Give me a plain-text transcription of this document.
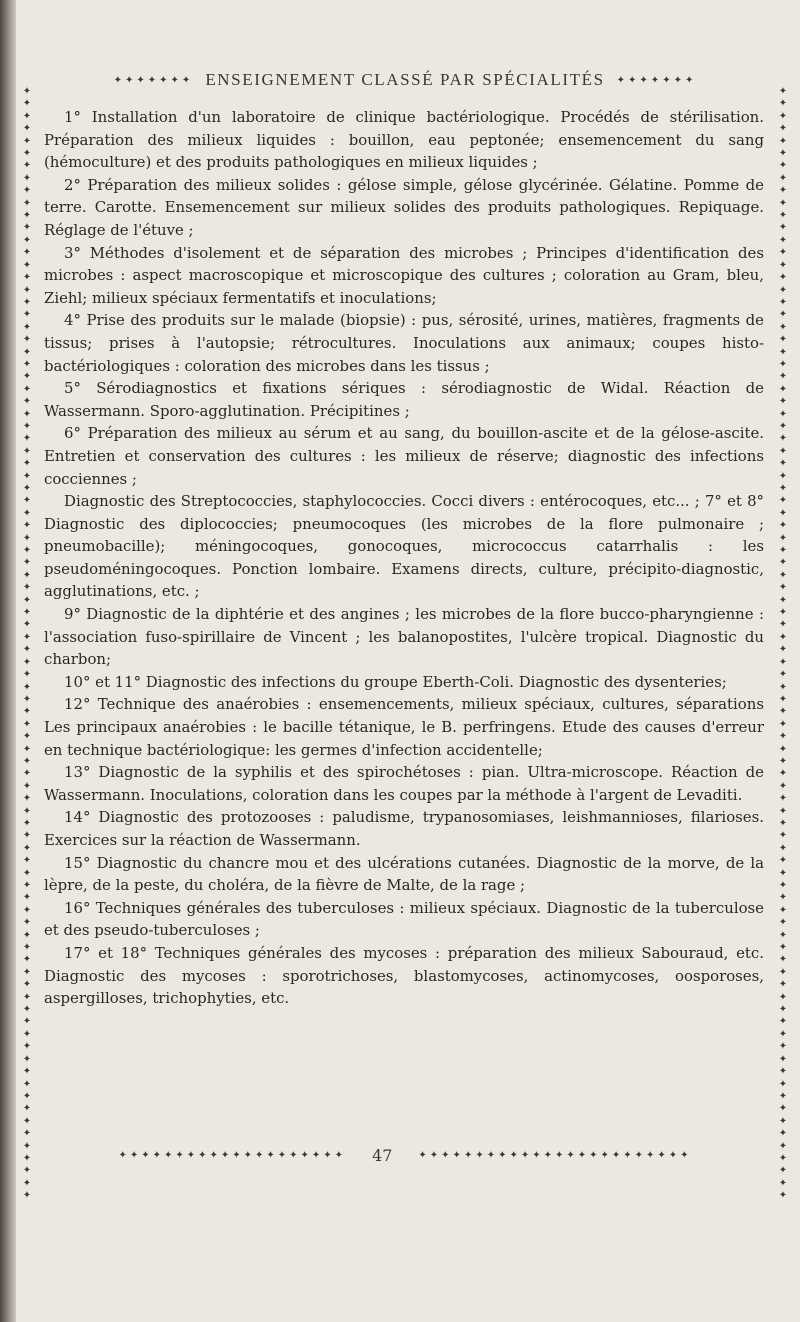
✦✦✦✦✦✦✦ ENSEIGNEMENT CLASSÉ PAR SPÉCIALITÉS ✦✦✦✦✦✦✦
✦
✦
✦
✦
✦
✦
✦
✦
✦
✦
✦
✦
✦
✦
✦
✦
✦
✦
✦
✦
✦
✦
✦
✦
✦
✦
✦
✦
✦
✦
✦
✦
✦
✦
✦
✦
✦
✦
✦
✦
✦
✦
✦
✦
✦
✦
✦
✦
✦
✦
✦
✦
✦
✦
✦
✦
✦
✦
✦
✦
✦
✦
✦
✦
✦
✦
✦
✦
✦
✦
✦
✦
✦
✦
✦
✦
✦
✦
✦
✦
✦
✦
✦
✦
✦
✦
✦
✦
✦
✦
✦
✦
✦
✦
✦
✦
✦
✦
✦
✦
✦
✦
✦
✦
✦
✦
✦
✦
✦
✦
✦
✦
✦
✦
✦
✦
✦
✦
✦
✦
✦
✦
✦
✦
✦
✦
✦
✦
✦
✦
✦
✦
✦
✦
✦
✦
✦
✦
✦
✦
✦
✦
✦
✦
✦
✦
✦
✦
✦
✦
✦
✦
✦
✦
✦
✦
✦
✦
✦
✦
✦
✦
✦
✦
✦
✦
✦
✦
✦
✦
✦
✦
✦
✦
✦
✦
✦
✦
✦
✦

1° Installation d'un laboratoire de clinique bactériologique. Procédés de stérilisation. Préparation des milieux liquides : bouillon, eau peptonée; ensemencement du sang (hémoculture) et des produits pathologiques en milieux liquides ;

2° Préparation des milieux solides : gélose simple, gélose glycérinée. Gélatine. Pomme de terre. Carotte. Ensemencement sur milieux solides des produits pathologiques. Repiquage. Réglage de l'étuve ;

3° Méthodes d'isolement et de séparation des microbes ; Principes d'identification des microbes : aspect macroscopique et microscopique des cultures ; coloration au Gram, bleu, Ziehl; milieux spéciaux fermentatifs et inoculations;

4° Prise des produits sur le malade (biopsie) : pus, sérosité, urines, matières, fragments de tissus; prises à l'autopsie; rétrocultures. Inoculations aux animaux; coupes histo-bactériologiques : coloration des microbes dans les tissus ;

5° Sérodiagnostics et fixations sériques : sérodiagnostic de Widal. Réaction de Wassermann. Sporo-agglutination. Précipitines ;

6° Préparation des milieux au sérum et au sang, du bouillon-ascite et de la gélose-ascite. Entretien et conservation des cultures : les milieux de réserve; diagnostic des infections cocciennes ;

Diagnostic des Streptococcies, staphylococcies. Cocci divers : entérocoques, etc... ; 7° et 8° Diagnostic des diplococcies; pneumocoques (les microbes de la flore pulmonaire ; pneumobacille); méningocoques, gonocoques, micrococcus catarrhalis : les pseudoméningocoques. Ponction lombaire. Examens directs, culture, précipito-diagnostic, agglutinations, etc. ;

9° Diagnostic de la diphtérie et des angines ; les microbes de la flore bucco-pharyngienne : l'association fuso-spirillaire de Vincent ; les balanopostites, l'ulcère tropical. Diagnostic du charbon;

10° et 11° Diagnostic des infections du groupe Eberth-Coli. Diagnostic des dysenteries;

12° Technique des anaérobies : ensemencements, milieux spéciaux, cultures, séparations Les principaux anaérobies : le bacille tétanique, le B. perfringens. Etude des causes d'erreur en technique bactériologique: les germes d'infection accidentelle;

13° Diagnostic de la syphilis et des spirochétoses : pian. Ultra-microscope. Réaction de Wassermann. Inoculations, coloration dans les coupes par la méthode à l'argent de Levaditi.

14° Diagnostic des protozooses : paludisme, trypanosomiases, leishmannioses, filarioses. Exercices sur la réaction de Wassermann.

15° Diagnostic du chancre mou et des ulcérations cutanées. Diagnostic de la morve, de la lèpre, de la peste, du choléra, de la fièvre de Malte, de la rage ;

16° Techniques générales des tuberculoses : milieux spéciaux. Diagnostic de la tuberculose et des pseudo-tuberculoses ;

17° et 18° Techniques générales des mycoses : préparation des milieux Sabouraud, etc. Diagnostic des mycoses : sporotrichoses, blastomycoses, actinomycoses, oosporoses, aspergilloses, trichophyties, etc.

✦✦✦✦✦✦✦✦✦✦✦✦✦✦✦✦✦✦✦✦ 47	✦✦✦✦✦✦✦✦✦✦✦✦✦✦✦✦✦✦✦✦✦✦✦✦
